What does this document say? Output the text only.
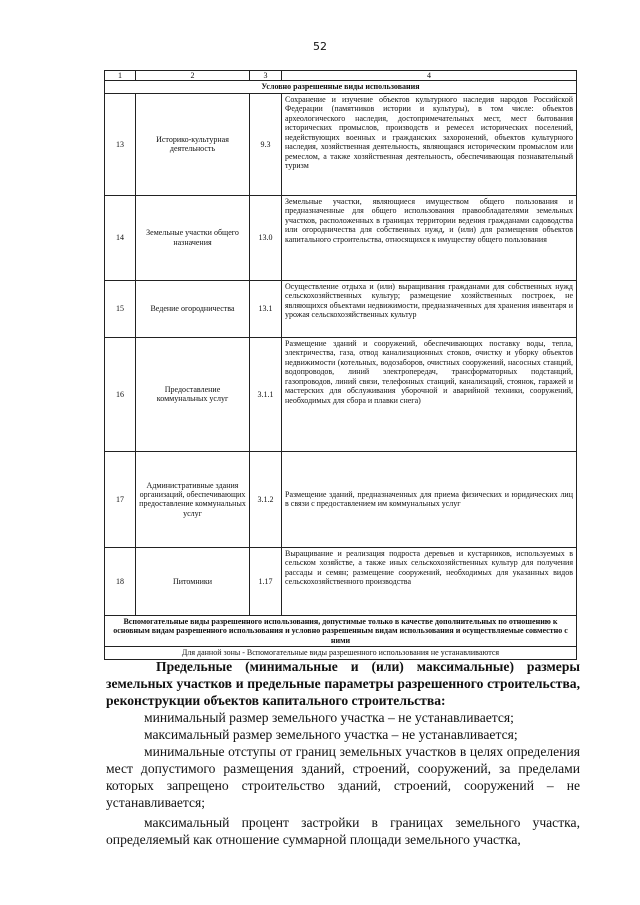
52
1	2	3	4
Условно разрешенные виды использования			
13	Историко-культурная деятельность	9.3	Сохранение и изучение объектов культурного наследия народов Российской Федерации (памятников истории и культуры), в том числе: объектов археологического наследия, достопримечательных мест, мест бытования исторических промыслов, производств и ремесел исторических поселений, недействующих военных и гражданских захоронений, объектов культурного наследия, хозяйственная деятельность, являющаяся историческим промыслом или ремеслом, а также хозяйственная деятельность, обеспечивающая познавательный туризм
14	Земельные участки общего назначения	13.0	Земельные участки, являющиеся имуществом общего пользования и предназначенные для общего использования правообладателями земельных участков, расположенных в границах территории ведения гражданами садоводства или огородничества для собственных нужд, и (или) для размещения объектов капитального строительства, относящихся к имуществу общего пользования
15	Ведение огородничества	13.1	Осуществление отдыха и (или) выращивания гражданами для собственных нужд сельскохозяйственных культур; размещение хозяйственных построек, не являющихся объектами недвижимости, предназначенных для хранения инвентаря и урожая сельскохозяйственных культур
16	Предоставление коммунальных услуг	3.1.1	Размещение зданий и сооружений, обеспечивающих поставку воды, тепла, электричества, газа, отвод канализационных стоков, очистку и уборку объектов недвижимости (котельных, водозаборов, очистных сооружений, насосных станций, водопроводов, линий электропередач, трансформаторных подстанций, газопроводов, линий связи, телефонных станций, канализаций, стоянок, гаражей и мастерских для обслуживания уборочной и аварийной техники, сооружений, необходимых для сбора и плавки снега)
17	Административные здания организаций, обеспечивающих предоставление коммунальных услуг	3.1.2	Размещение зданий, предназначенных для приема физических и юридических лиц в связи с предоставлением им коммунальных услуг
18	Питомники	1.17	Выращивание и реализация подроста деревьев и кустарников, используемых в сельском хозяйстве, а также иных сельскохозяйственных культур для получения рассады и семян; размещение сооружений, необходимых для указанных видов сельскохозяйственного производства
Вспомогательные виды разрешенного использования, допустимые только в качестве дополнительных по отношению к основным видам разрешенного использования и условно разрешенным видам использования и осуществляемые совместно с ними			
Для данной зоны - Вспомогательные виды разрешенного использования не устанавливаются			

Предельные (минимальные и (или) максимальные) размеры земельных участков и предельные параметры разрешенного строительства, реконструкции объектов капитального строительства:

минимальный размер земельного участка – не устанавливается;

максимальный размер земельного участка – не устанавливается;

минимальные отступы от границ земельных участков в целях определения мест допустимого размещения зданий, строений, сооружений, за пределами которых запрещено строительство зданий, строений, сооружений – не устанавливается;

максимальный процент застройки в границах земельного участка, определяемый как отношение суммарной площади земельного участка,
